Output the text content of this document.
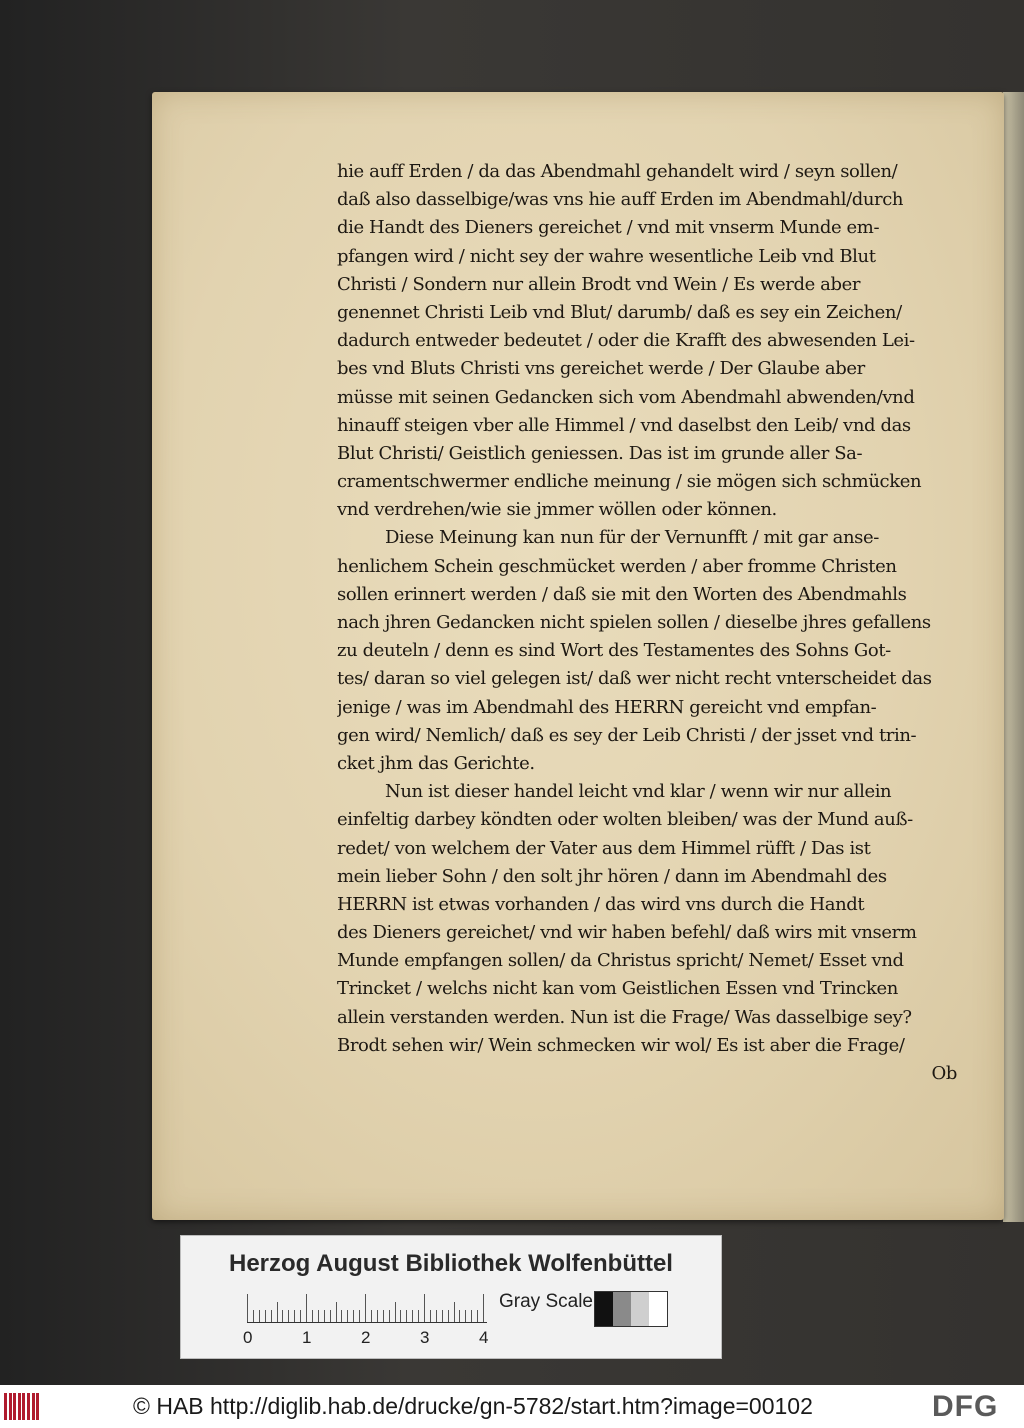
hie auff Erden / da das Abendmahl gehandelt wird / seyn sollen/
daß also dasselbige/was vns hie auff Erden im Abendmahl/durch
die Handt des Dieners gereichet / vnd mit vnserm Munde em-
pfangen wird / nicht sey der wahre wesentliche Leib vnd Blut
Christi / Sondern nur allein Brodt vnd Wein / Es werde aber
genennet Christi Leib vnd Blut/ darumb/ daß es sey ein Zeichen/
dadurch entweder bedeutet / oder die Krafft des abwesenden Lei-
bes vnd Bluts Christi vns gereichet werde / Der Glaube aber
müsse mit seinen Gedancken sich vom Abendmahl abwenden/vnd
hinauff steigen vber alle Himmel / vnd daselbst den Leib/ vnd das
Blut Christi/ Geistlich geniessen. Das ist im grunde aller Sa-
cramentschwermer endliche meinung / sie mögen sich schmücken
vnd verdrehen/wie sie jmmer wöllen oder können.
Diese Meinung kan nun für der Vernunfft / mit gar anse-
henlichem Schein geschmücket werden / aber fromme Christen
sollen erinnert werden / daß sie mit den Worten des Abendmahls
nach jhren Gedancken nicht spielen sollen / dieselbe jhres gefallens
zu deuteln / denn es sind Wort des Testamentes des Sohns Got-
tes/ daran so viel gelegen ist/ daß wer nicht recht vnterscheidet das
jenige / was im Abendmahl des HERRN gereicht vnd empfan-
gen wird/ Nemlich/ daß es sey der Leib Christi / der jsset vnd trin-
cket jhm das Gerichte.
Nun ist dieser handel leicht vnd klar / wenn wir nur allein
einfeltig darbey köndten oder wolten bleiben/ was der Mund auß-
redet/ von welchem der Vater aus dem Himmel rüfft / Das ist
mein lieber Sohn / den solt jhr hören / dann im Abendmahl des
HERRN ist etwas vorhanden / das wird vns durch die Handt
des Dieners gereichet/ vnd wir haben befehl/ daß wirs mit vnserm
Munde empfangen sollen/ da Christus spricht/ Nemet/ Esset vnd
Trincket / welchs nicht kan vom Geistlichen Essen vnd Trincken
allein verstanden werden. Nun ist die Frage/ Was dasselbige sey?
Brodt sehen wir/ Wein schmecken wir wol/ Es ist aber die Frage/
Ob
Herzog August Bibliothek Wolfenbüttel
0	1	2	3	4
Gray Scale
© HAB http://diglib.hab.de/drucke/gn-5782/start.htm?image=00102	DFG
